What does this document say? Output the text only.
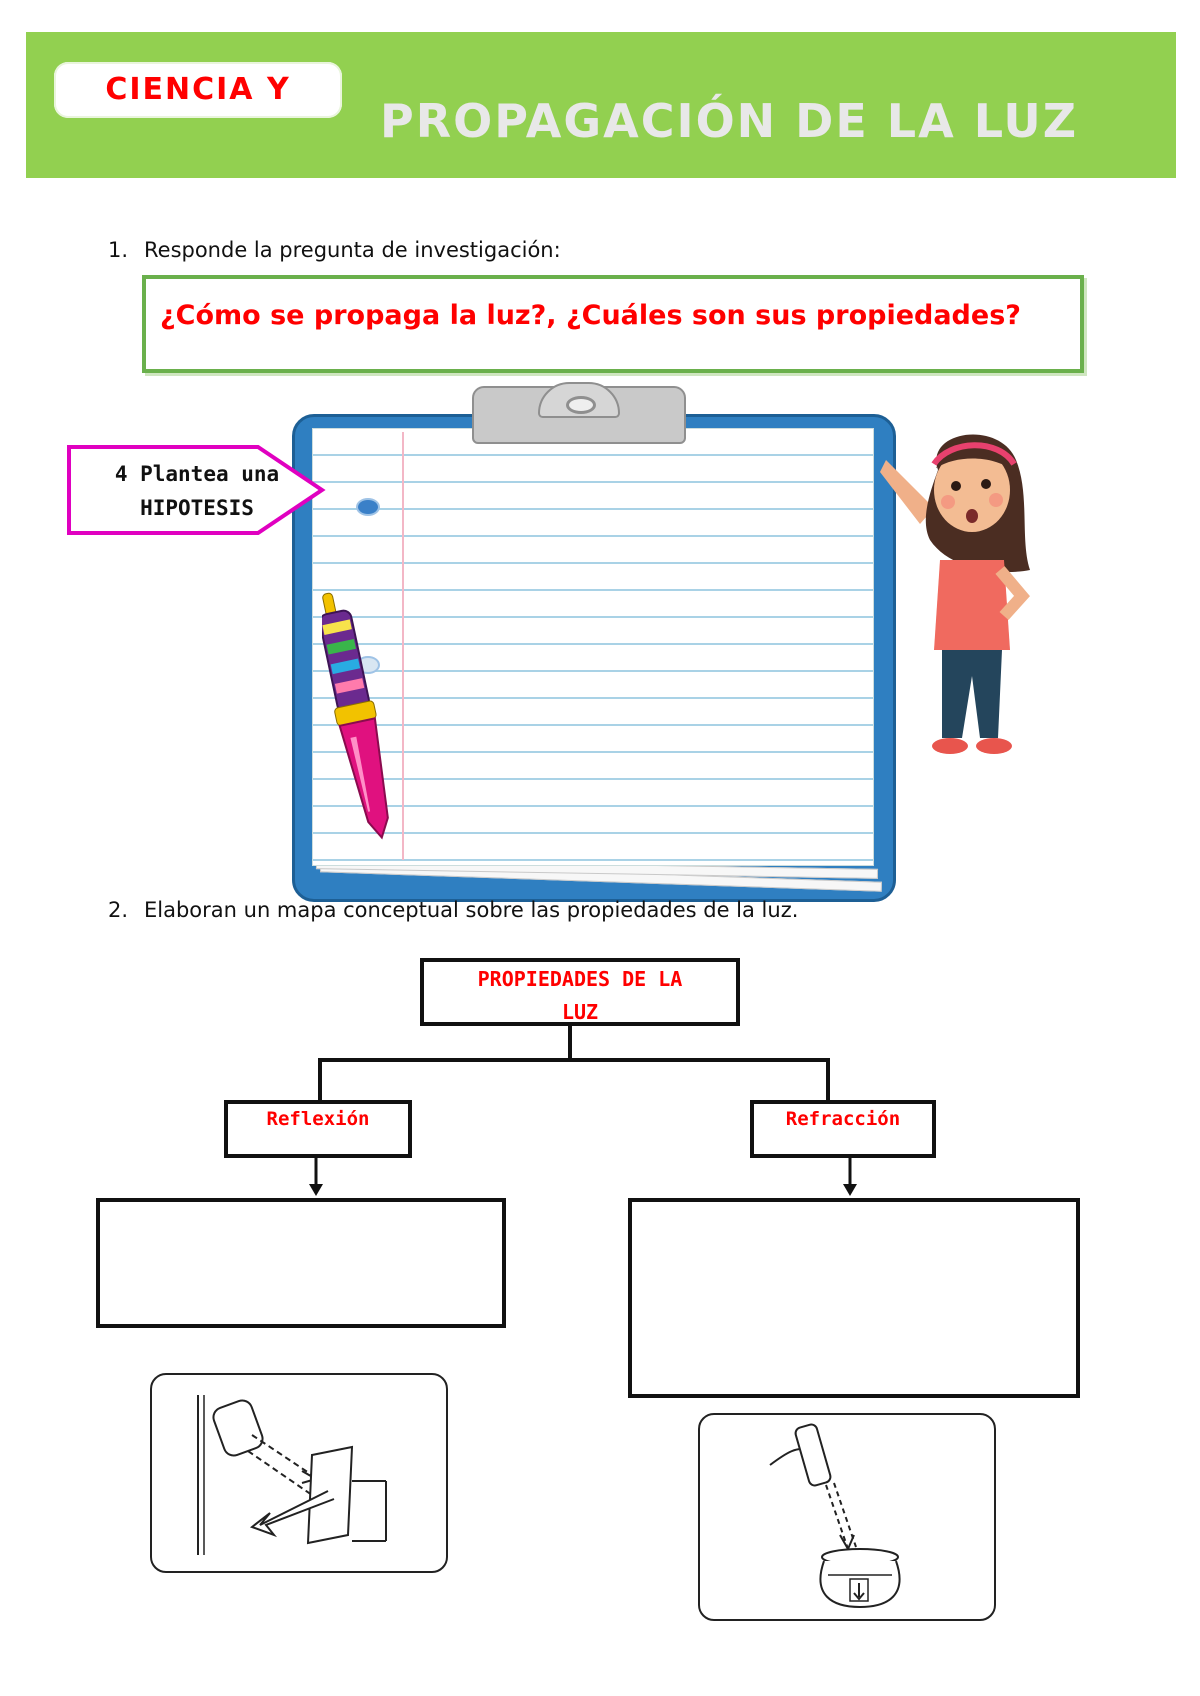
CIENCIA Y
PROPAGACIÓN DE LA LUZ
1. Responde la pregunta de investigación:
¿Cómo se propaga la luz?, ¿Cuáles son sus propiedades?
4 Plantea una
HIPOTESIS
2. Elaboran un mapa conceptual sobre las propiedades de la luz.
PROPIEDADES DE LA
LUZ
Reflexión	Refracción
